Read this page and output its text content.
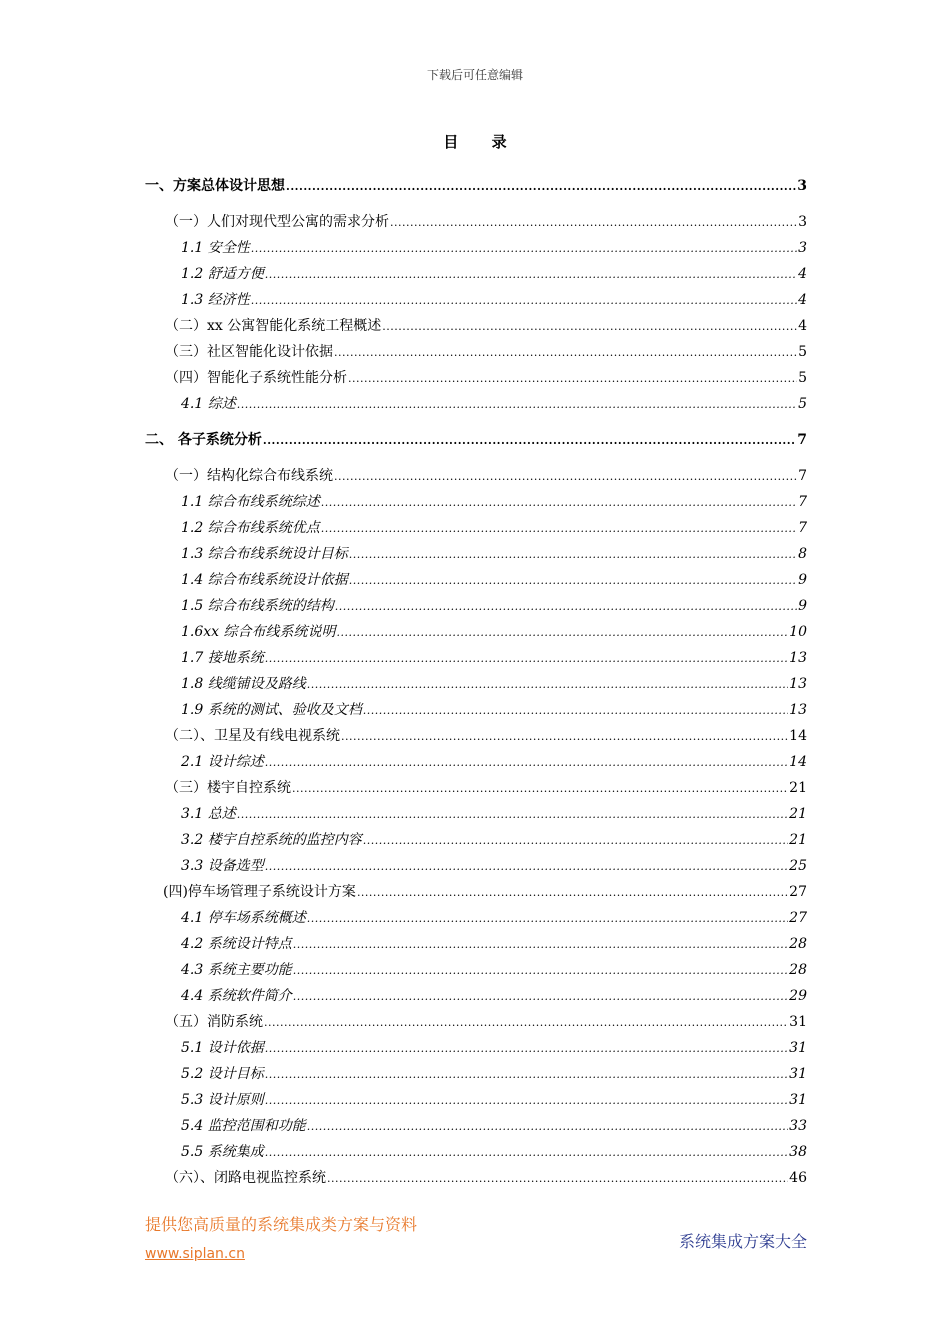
下载后可任意编辑
目 录
一、方案总体设计思想 .....	3
（一）人们对现代型公寓的需求分析 .....	3
1.1 安全性 .....	3
1.2 舒适方便 .....	4
1.3 经济性 .....	4
（二）xx 公寓智能化系统工程概述 .....	4
（三）社区智能化设计依据 .....	5
（四）智能化子系统性能分析 .....	5
4.1 综述 .....	5
二、 各子系统分析 .....	7
（一）结构化综合布线系统 .....	7
1.1 综合布线系统综述 .....	7
1.2 综合布线系统优点 .....	7
1.3 综合布线系统设计目标 .....	8
1.4 综合布线系统设计依据 .....	9
1.5 综合布线系统的结构 .....	9
1.6xx 综合布线系统说明 .....	10
1.7 接地系统 .....	13
1.8 线缆铺设及路线 .....	13
1.9 系统的测试、验收及文档 .....	13
（二）、卫星及有线电视系统 .....	14
2.1 设计综述 .....	14
（三）楼宇自控系统 .....	21
3.1 总述 .....	21
3.2 楼宇自控系统的监控内容 .....	21
3.3 设备选型 .....	25
(四)停车场管理子系统设计方案 .....	27
4.1 停车场系统概述 .....	27
4.2 系统设计特点 .....	28
4.3 系统主要功能 .....	28
4.4 系统软件简介 .....	29
（五）消防系统 .....	31
5.1 设计依据 .....	31
5.2 设计目标 .....	31
5.3 设计原则 .....	31
5.4 监控范围和功能 .....	33
5.5 系统集成 .....	38
（六）、闭路电视监控系统 .....	46
提供您高质量的系统集成类方案与资料
www.siplan.cn
系统集成方案大全
